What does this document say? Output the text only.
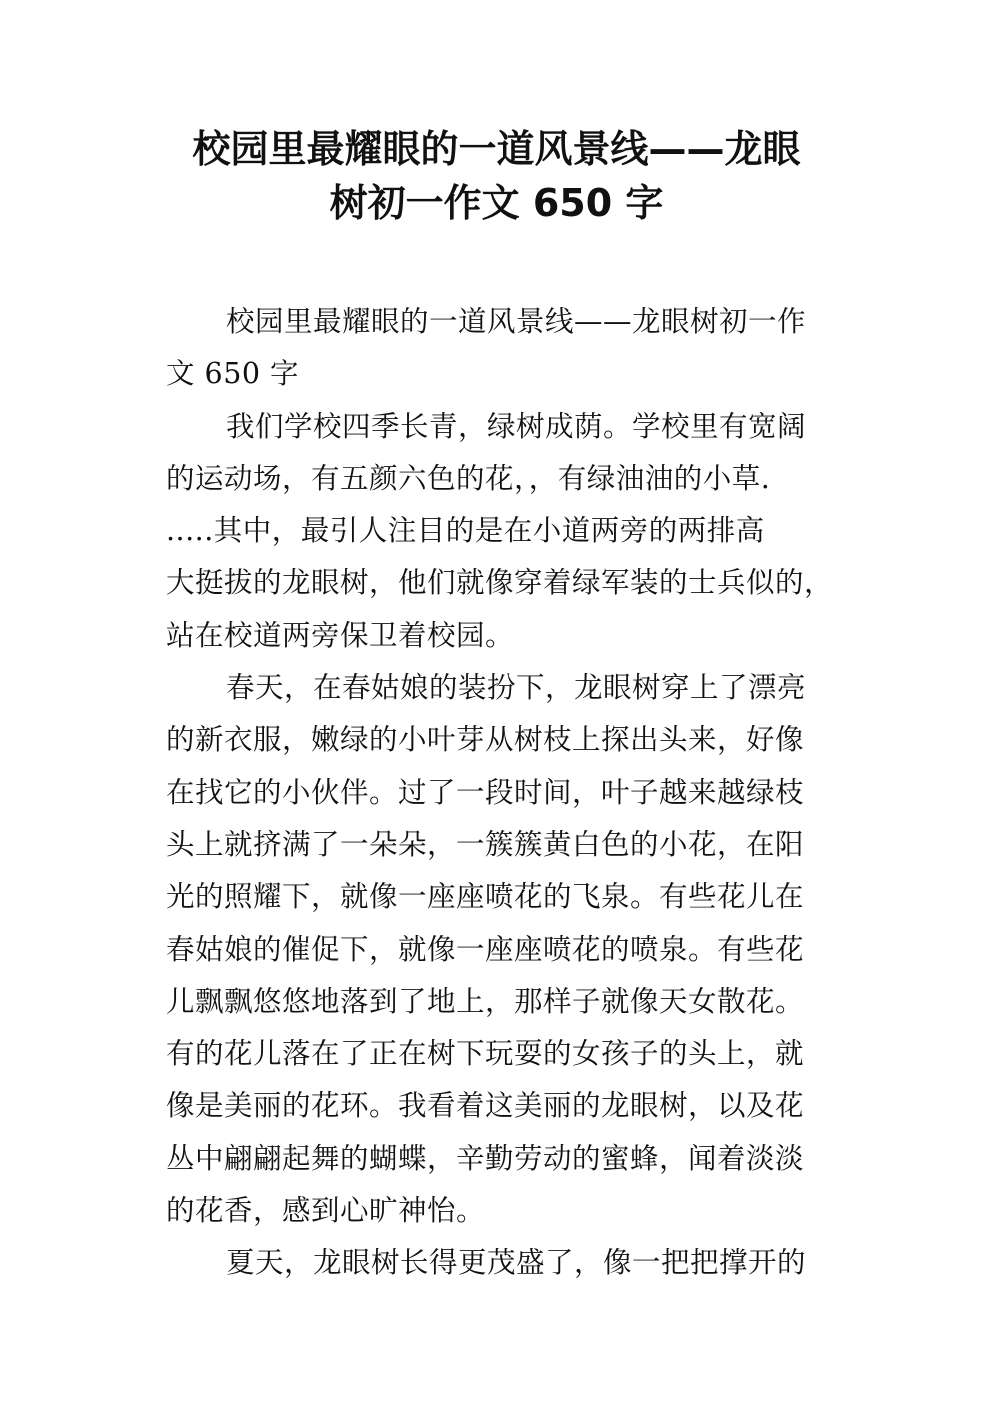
校园里最耀眼的一道风景线——龙眼
树初一作文 650 字
校园里最耀眼的一道风景线——龙眼树初一作
文 650 字
我们学校四季长青，绿树成荫。学校里有宽阔
的运动场，有五颜六色的花，，有绿油油的小草.
.....其中，最引人注目的是在小道两旁的两排高
大挺拔的龙眼树，他们就像穿着绿军装的士兵似的，
站在校道两旁保卫着校园。
春天，在春姑娘的装扮下，龙眼树穿上了漂亮
的新衣服，嫩绿的小叶芽从树枝上探出头来，好像
在找它的小伙伴。过了一段时间，叶子越来越绿枝
头上就挤满了一朵朵，一簇簇黄白色的小花，在阳
光的照耀下，就像一座座喷花的飞泉。有些花儿在
春姑娘的催促下，就像一座座喷花的喷泉。有些花
儿飘飘悠悠地落到了地上，那样子就像天女散花。
有的花儿落在了正在树下玩耍的女孩子的头上，就
像是美丽的花环。我看着这美丽的龙眼树，以及花
丛中翩翩起舞的蝴蝶，辛勤劳动的蜜蜂，闻着淡淡
的花香，感到心旷神怡。
夏天，龙眼树长得更茂盛了，像一把把撑开的
